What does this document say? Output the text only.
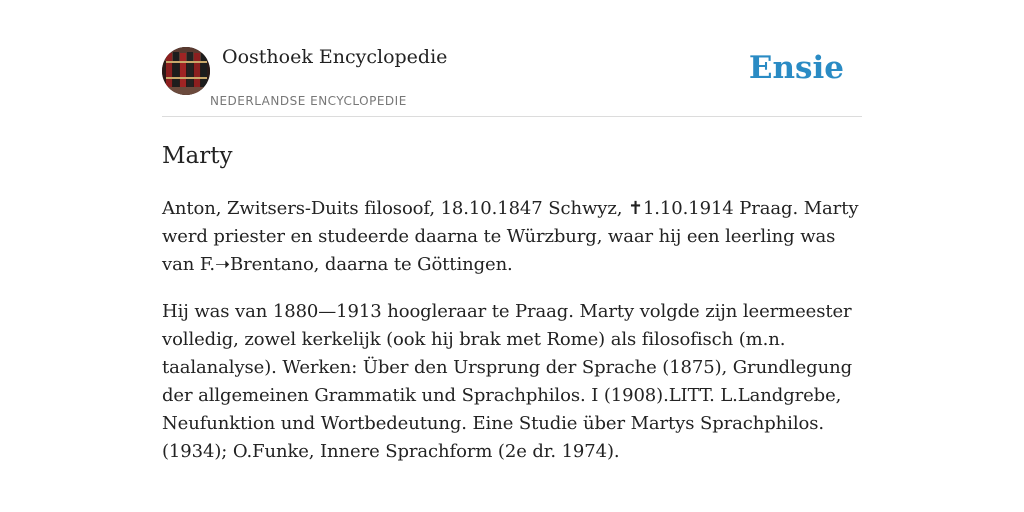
Oosthoek Encyclopedie
NEDERLANDSE ENCYCLOPEDIE
Ensie
Marty

Anton, Zwitsers-Duits filosoof, 18.10.1847 Schwyz, ✝1.10.1914 Praag. Marty werd priester en studeerde daarna te Würzburg, waar hij een leerling was van F.➝Brentano, daarna te Göttingen.

Hij was van 1880—1913 hoogleraar te Praag. Marty volgde zijn leermeester volledig, zowel kerkelijk (ook hij brak met Rome) als filosofisch (m.n. taalanalyse). Werken: Über den Ursprung der Sprache (1875), Grundlegung der allgemeinen Grammatik und Sprachphilos. I (1908).LITT. L.Landgrebe, Neufunktion und Wortbedeutung. Eine Studie über Martys Sprachphilos. (1934); O.Funke, Innere Sprachform (2e dr. 1974).
